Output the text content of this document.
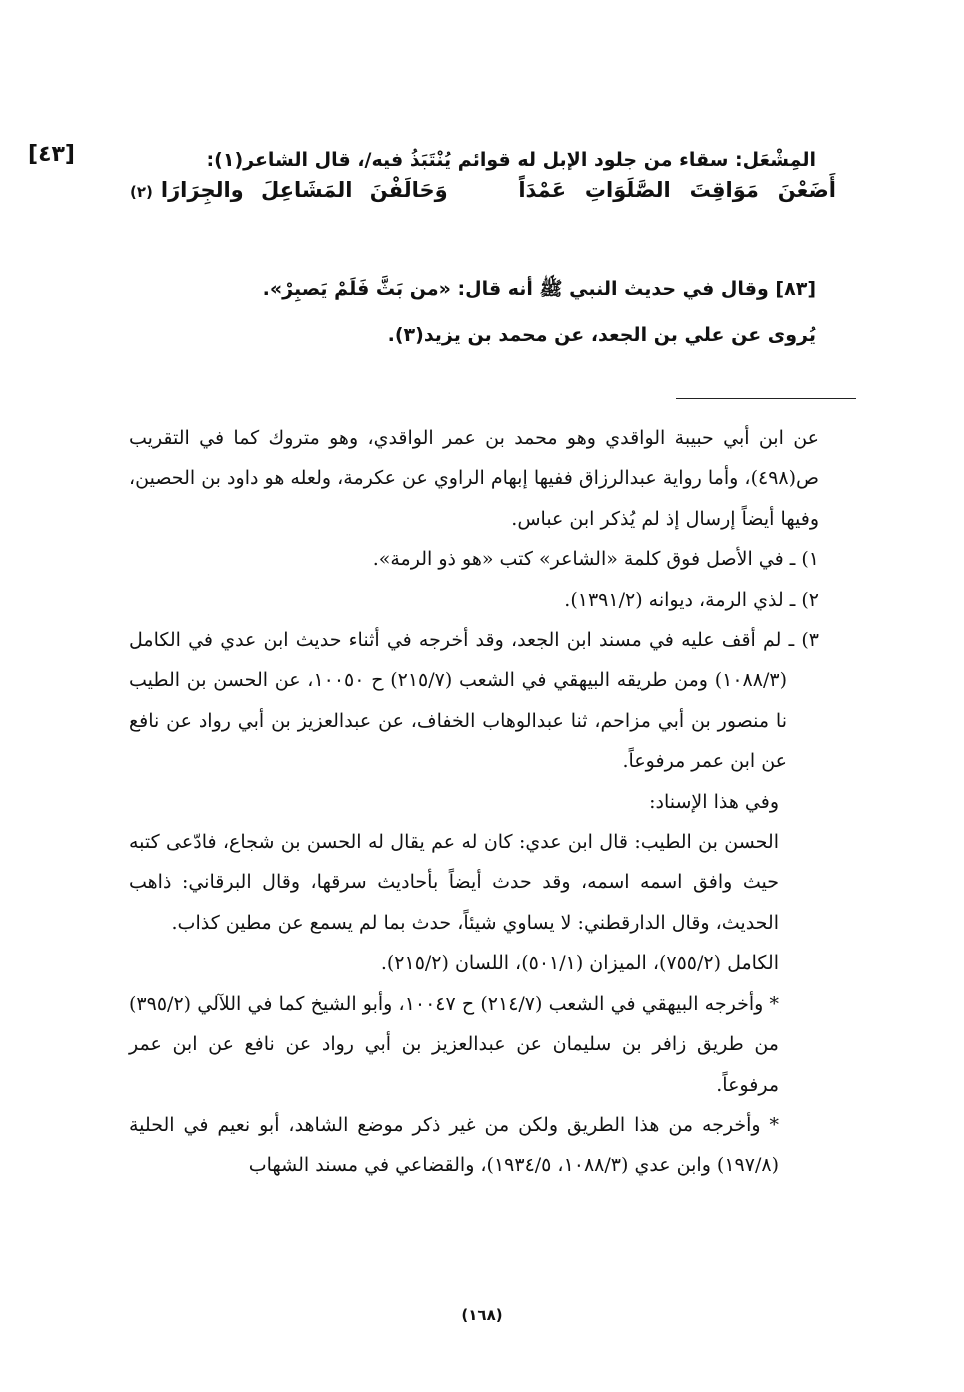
[٤٣]	المِشْعَل: سقاء من جلود الإبل له قوائم يُنْتَبَذُ فيه/، قال الشاعر(١):
أَضَعْنَ
مَوَاقِتَ
الصَّلَوَاتِ
عَمْدَاً
وَحَالَفْنَ
المَشَاعِلَ
والجِرَارَا(٢)
[٨٣] وقال في حديث النبي ﷺ أنه قال: «من بَثَّ فَلَمْ يَصبِرْ».
يُروى عن علي بن الجعد، عن محمد بن يزيد(٣).

عن ابن أبي حبيبة الواقدي وهو محمد بن عمر الواقدي، وهو متروك كما في التقريب ص(٤٩٨)، وأما رواية عبدالرزاق ففيها إبهام الراوي عن عكرمة، ولعله هو داود بن الحصين، وفيها أيضاً إرسال إذ لم يُذكر ابن عباس.

١) ـ في الأصل فوق كلمة «الشاعر» كتب «هو ذو الرمة».

٢) ـ لذي الرمة، ديوانه (١٣٩١/٢).

٣) ـ لم أقف عليه في مسند ابن الجعد، وقد أخرجه في أثناء حديث ابن عدي في الكامل (١٠٨٨/٣) ومن طريقه البيهقي في الشعب (٢١٥/٧) ح ١٠٠٥٠، عن الحسن بن الطيب نا منصور بن أبي مزاحم، ثنا عبدالوهاب الخفاف، عن عبدالعزيز بن أبي رواد عن نافع عن ابن عمر مرفوعاً.

وفي هذا الإسناد:

الحسن بن الطيب: قال ابن عدي: كان له عم يقال له الحسن بن شجاع، فادّعى كتبه حيث وافق اسمه اسمه، وقد حدث أيضاً بأحاديث سرقها، وقال البرقاني: ذاهب الحديث، وقال الدارقطني: لا يساوي شيئاً، حدث بما لم يسمع عن مطين كذاب.

الكامل (٧٥٥/٢)، الميزان (٥٠١/١)، اللسان (٢١٥/٢).

* وأخرجه البيهقي في الشعب (٢١٤/٧) ح ١٠٠٤٧، وأبو الشيخ كما في اللآلي (٣٩٥/٢) من طريق زافر بن سليمان عن عبدالعزيز بن أبي رواد عن نافع عن ابن عمر مرفوعاً.

* وأخرجه من هذا الطريق ولكن من غير ذكر موضع الشاهد، أبو نعيم في الحلية (١٩٧/٨) وابن عدي (١٠٨٨/٣، ١٩٣٤/٥)، والقضاعي في مسند الشهاب

(١٦٨)
